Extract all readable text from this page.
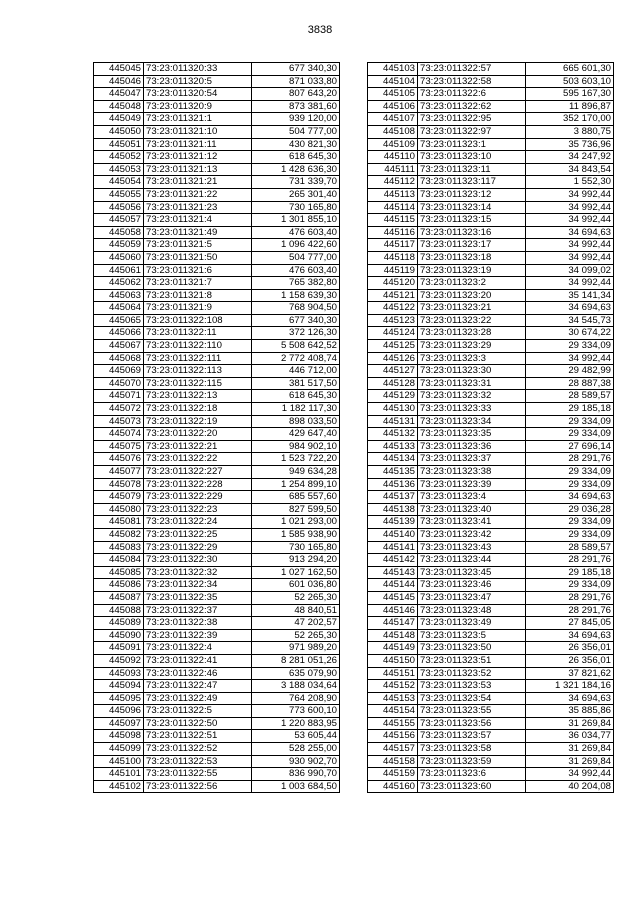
3838
445045	73:23:011320:33	677 340,30
445046	73:23:011320:5	871 033,80
445047	73:23:011320:54	807 643,20
445048	73:23:011320:9	873 381,60
445049	73:23:011321:1	939 120,00
445050	73:23:011321:10	504 777,00
445051	73:23:011321:11	430 821,30
445052	73:23:011321:12	618 645,30
445053	73:23:011321:13	1 428 636,30
445054	73:23:011321:21	731 339,70
445055	73:23:011321:22	265 301,40
445056	73:23:011321:23	730 165,80
445057	73:23:011321:4	1 301 855,10
445058	73:23:011321:49	476 603,40
445059	73:23:011321:5	1 096 422,60
445060	73:23:011321:50	504 777,00
445061	73:23:011321:6	476 603,40
445062	73:23:011321:7	765 382,80
445063	73:23:011321:8	1 158 639,30
445064	73:23:011321:9	768 904,50
445065	73:23:011322:108	677 340,30
445066	73:23:011322:11	372 126,30
445067	73:23:011322:110	5 508 642,52
445068	73:23:011322:111	2 772 408,74
445069	73:23:011322:113	446 712,00
445070	73:23:011322:115	381 517,50
445071	73:23:011322:13	618 645,30
445072	73:23:011322:18	1 182 117,30
445073	73:23:011322:19	898 033,50
445074	73:23:011322:20	429 647,40
445075	73:23:011322:21	984 902,10
445076	73:23:011322:22	1 523 722,20
445077	73:23:011322:227	949 634,28
445078	73:23:011322:228	1 254 899,10
445079	73:23:011322:229	685 557,60
445080	73:23:011322:23	827 599,50
445081	73:23:011322:24	1 021 293,00
445082	73:23:011322:25	1 585 938,90
445083	73:23:011322:29	730 165,80
445084	73:23:011322:30	913 294,20
445085	73:23:011322:32	1 027 162,50
445086	73:23:011322:34	601 036,80
445087	73:23:011322:35	52 265,30
445088	73:23:011322:37	48 840,51
445089	73:23:011322:38	47 202,57
445090	73:23:011322:39	52 265,30
445091	73:23:011322:4	971 989,20
445092	73:23:011322:41	8 281 051,26
445093	73:23:011322:46	635 079,90
445094	73:23:011322:47	3 188 034,64
445095	73:23:011322:49	764 208,90
445096	73:23:011322:5	773 600,10
445097	73:23:011322:50	1 220 883,95
445098	73:23:011322:51	53 605,44
445099	73:23:011322:52	528 255,00
445100	73:23:011322:53	930 902,70
445101	73:23:011322:55	836 990,70
445102	73:23:011322:56	1 003 684,50
445103	73:23:011322:57	665 601,30
445104	73:23:011322:58	503 603,10
445105	73:23:011322:6	595 167,30
445106	73:23:011322:62	11 896,87
445107	73:23:011322:95	352 170,00
445108	73:23:011322:97	3 880,75
445109	73:23:011323:1	35 736,96
445110	73:23:011323:10	34 247,92
445111	73:23:011323:11	34 843,54
445112	73:23:011323:117	1 552,30
445113	73:23:011323:12	34 992,44
445114	73:23:011323:14	34 992,44
445115	73:23:011323:15	34 992,44
445116	73:23:011323:16	34 694,63
445117	73:23:011323:17	34 992,44
445118	73:23:011323:18	34 992,44
445119	73:23:011323:19	34 099,02
445120	73:23:011323:2	34 992,44
445121	73:23:011323:20	35 141,34
445122	73:23:011323:21	34 694,63
445123	73:23:011323:22	34 545,73
445124	73:23:011323:28	30 674,22
445125	73:23:011323:29	29 334,09
445126	73:23:011323:3	34 992,44
445127	73:23:011323:30	29 482,99
445128	73:23:011323:31	28 887,38
445129	73:23:011323:32	28 589,57
445130	73:23:011323:33	29 185,18
445131	73:23:011323:34	29 334,09
445132	73:23:011323:35	29 334,09
445133	73:23:011323:36	27 696,14
445134	73:23:011323:37	28 291,76
445135	73:23:011323:38	29 334,09
445136	73:23:011323:39	29 334,09
445137	73:23:011323:4	34 694,63
445138	73:23:011323:40	29 036,28
445139	73:23:011323:41	29 334,09
445140	73:23:011323:42	29 334,09
445141	73:23:011323:43	28 589,57
445142	73:23:011323:44	28 291,76
445143	73:23:011323:45	29 185,18
445144	73:23:011323:46	29 334,09
445145	73:23:011323:47	28 291,76
445146	73:23:011323:48	28 291,76
445147	73:23:011323:49	27 845,05
445148	73:23:011323:5	34 694,63
445149	73:23:011323:50	26 356,01
445150	73:23:011323:51	26 356,01
445151	73:23:011323:52	37 821,62
445152	73:23:011323:53	1 321 184,16
445153	73:23:011323:54	34 694,63
445154	73:23:011323:55	35 885,86
445155	73:23:011323:56	31 269,84
445156	73:23:011323:57	36 034,77
445157	73:23:011323:58	31 269,84
445158	73:23:011323:59	31 269,84
445159	73:23:011323:6	34 992,44
445160	73:23:011323:60	40 204,08
